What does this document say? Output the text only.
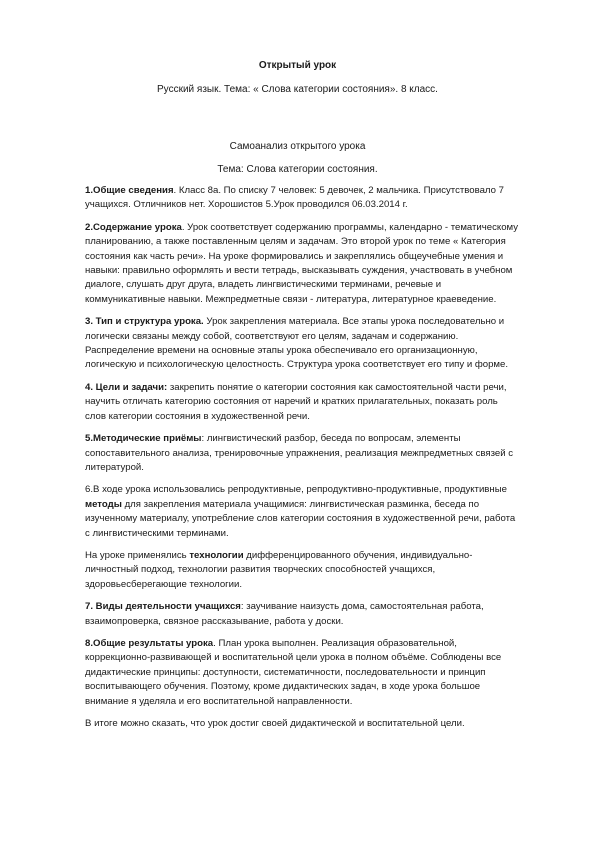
Открытый урок
Русский язык. Тема: « Слова категории состояния». 8 класс.
Самоанализ открытого урока
Тема: Слова категории состояния.

1.Общие сведения. Класс 8а. По списку 7 человек: 5 девочек, 2 мальчика. Присутствовало 7 учащихся. Отличников нет. Хорошистов 5.Урок проводился 06.03.2014 г.

2.Содержание урока. Урок соответствует содержанию программы, календарно - тематическому планированию, а также поставленным целям и задачам. Это второй урок по теме « Категория состояния как часть речи». На уроке формировались и закреплялись общеучебные умения и навыки: правильно оформлять и вести тетрадь, высказывать суждения, участвовать в учебном диалоге, слушать друг друга, владеть лингвистическими терминами, речевые и коммуникативные навыки. Межпредметные связи - литература, литературное краеведение.

3. Тип и структура урока. Урок закрепления материала. Все этапы урока последовательно и логически связаны между собой, соответствуют его целям, задачам и содержанию. Распределение времени на основные этапы урока обеспечивало его организационную, логическую и психологическую целостность. Структура урока соответствует его типу и форме.

4. Цели и задачи: закрепить понятие о категории состояния как самостоятельной части речи, научить отличать категорию состояния от наречий и кратких прилагательных, показать роль слов категории состояния в художественной речи.

5.Методические приёмы: лингвистический разбор, беседа по вопросам, элементы сопоставительного анализа, тренировочные упражнения, реализация межпредметных связей с литературой.

6.В ходе урока использовались репродуктивные, репродуктивно-продуктивные, продуктивные методы для закрепления материала учащимися: лингвистическая разминка, беседа по изученному материалу, употребление слов категории состояния в художественной речи, работа с лингвистическими терминами.

На уроке применялись технологии дифференцированного обучения, индивидуально-личностный подход, технологии развития творческих способностей учащихся, здоровьесберегающие технологии.

7. Виды деятельности учащихся: заучивание наизусть дома, самостоятельная работа, взаимопроверка, связное рассказывание, работа у доски.

8.Общие результаты урока. План урока выполнен. Реализация образовательной, коррекционно-развивающей и воспитательной цели урока в полном объёме. Соблюдены все дидактические принципы: доступности, систематичности, последовательности и принцип воспитывающего обучения. Поэтому, кроме дидактических задач, в ходе урока большое внимание я уделяла и его воспитательной направленности.

В итоге можно сказать, что урок достиг своей дидактической и воспитательной цели.
